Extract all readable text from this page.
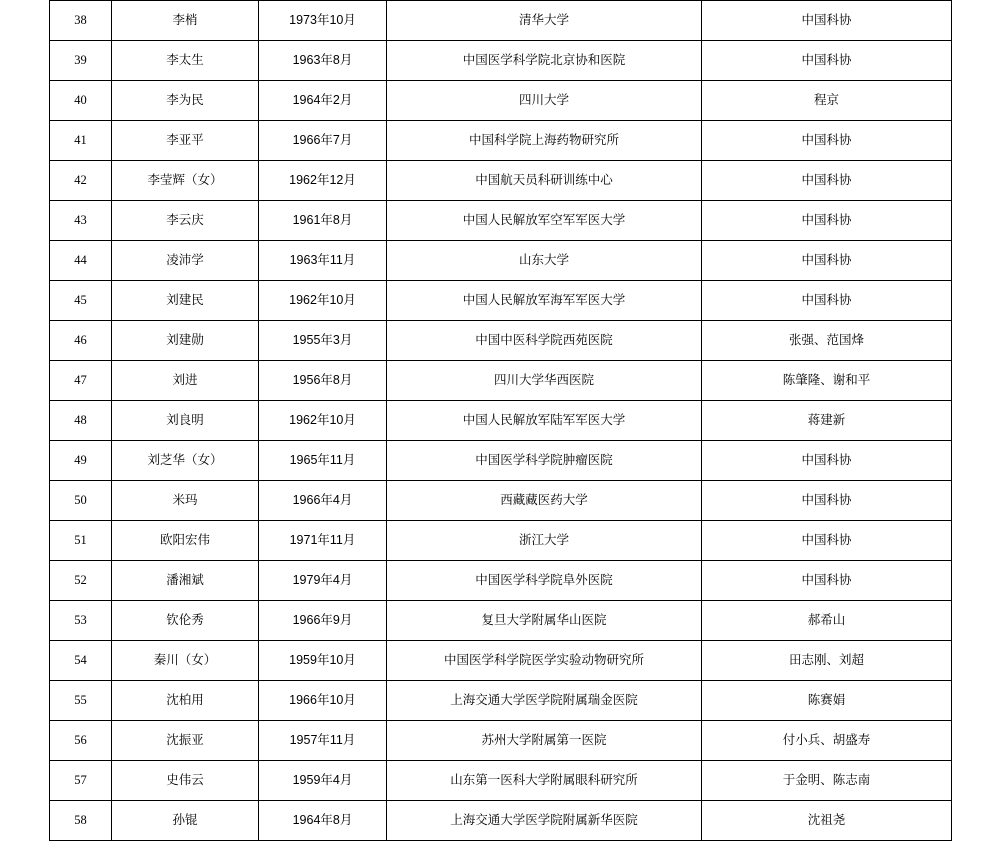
38	李梢	1973年10月	清华大学	中国科协
39	李太生	1963年8月	中国医学科学院北京协和医院	中国科协
40	李为民	1964年2月	四川大学	程京
41	李亚平	1966年7月	中国科学院上海药物研究所	中国科协
42	李莹辉（女）	1962年12月	中国航天员科研训练中心	中国科协
43	李云庆	1961年8月	中国人民解放军空军军医大学	中国科协
44	凌沛学	1963年11月	山东大学	中国科协
45	刘建民	1962年10月	中国人民解放军海军军医大学	中国科协
46	刘建勋	1955年3月	中国中医科学院西苑医院	张强、范国烽
47	刘进	1956年8月	四川大学华西医院	陈肇隆、谢和平
48	刘良明	1962年10月	中国人民解放军陆军军医大学	蒋建新
49	刘芝华（女）	1965年11月	中国医学科学院肿瘤医院	中国科协
50	米玛	1966年4月	西藏藏医药大学	中国科协
51	欧阳宏伟	1971年11月	浙江大学	中国科协
52	潘湘斌	1979年4月	中国医学科学院阜外医院	中国科协
53	钦伦秀	1966年9月	复旦大学附属华山医院	郝希山
54	秦川（女）	1959年10月	中国医学科学院医学实验动物研究所	田志刚、刘超
55	沈柏用	1966年10月	上海交通大学医学院附属瑞金医院	陈赛娟
56	沈振亚	1957年11月	苏州大学附属第一医院	付小兵、胡盛寿
57	史伟云	1959年4月	山东第一医科大学附属眼科研究所	于金明、陈志南
58	孙锟	1964年8月	上海交通大学医学院附属新华医院	沈祖尧
